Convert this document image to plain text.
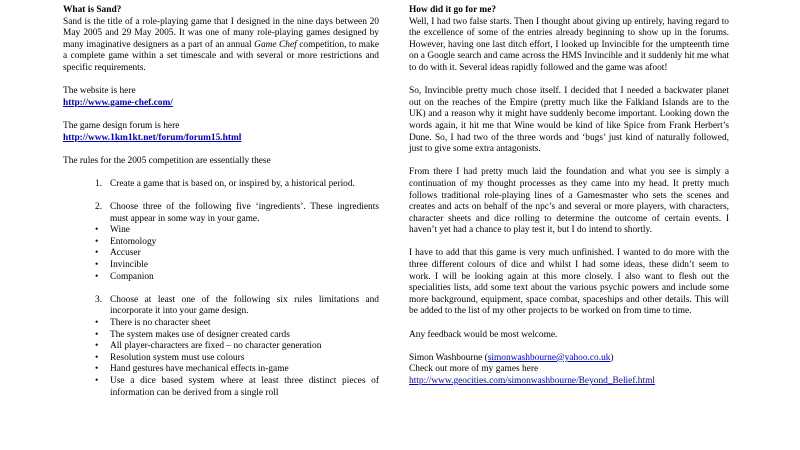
What is Sand?

Sand is the title of a role-playing game that I designed in the nine days between 20 May 2005 and 29 May 2005. It was one of many role-playing games designed by many imaginative designers as a part of an annual Game Chef competition, to make a complete game within a set timescale and with several or more restrictions and specific requirements.

The website is here
http://www.game-chef.com/
The game design forum is here
http://www.1km1kt.net/forum/forum15.html
The rules for the 2005 competition are essentially these
1. Create a game that is based on, or inspired by, a historical period.
2. Choose three of the following five ‘ingredients’. These ingredients must appear in some way in your game.
•	Wine
•	Entomology
•	Accuser
•	Invincible
•	Companion
3. Choose at least one of the following six rules limitations and incorporate it into your game design.
•	There is no character sheet
•	The system makes use of designer created cards
•	All player-characters are fixed – no character generation
•	Resolution system must use colours
•	Hand gestures have mechanical effects in-game
•	Use a dice based system where at least three distinct pieces of information can be derived from a single roll
How did it go for me?

Well, I had two false starts. Then I thought about giving up entirely, having regard to the excellence of some of the entries already beginning to show up in the forums. However, having one last ditch effort, I looked up Invincible for the umpteenth time on a Google search and came across the HMS Invincible and it suddenly hit me what to do with it. Several ideas rapidly followed and the game was afoot!

So, Invincible pretty much chose itself. I decided that I needed a backwater planet out on the reaches of the Empire (pretty much like the Falkland Islands are to the UK) and a reason why it might have suddenly become important. Looking down the words again, it hit me that Wine would be kind of like Spice from Frank Herbert’s Dune. So, I had two of the three words and ‘bugs’ just kind of naturally followed, just to give some extra antagonists.

From there I had pretty much laid the foundation and what you see is simply a continuation of my thought processes as they came into my head. It pretty much follows traditional role-playing lines of a Gamesmaster who sets the scenes and creates and acts on behalf of the npc’s and several or more players, with characters, character sheets and dice rolling to determine the outcome of certain events. I haven’t yet had a chance to play test it, but I do intend to shortly.

I have to add that this game is very much unfinished. I wanted to do more with the three different colours of dice and whilst I had some ideas, these didn’t seem to work. I will be looking again at this more closely. I also want to flesh out the specialities lists, add some text about the various psychic powers and include some more background, equipment, space combat, spaceships and other details. This will be added to the list of my other projects to be worked on from time to time.

Any feedback would be most welcome.
Simon Washbourne (simonwashbourne@yahoo.co.uk)
Check out more of my games here
http://www.geocities.com/simonwashbourne/Beyond_Belief.html
